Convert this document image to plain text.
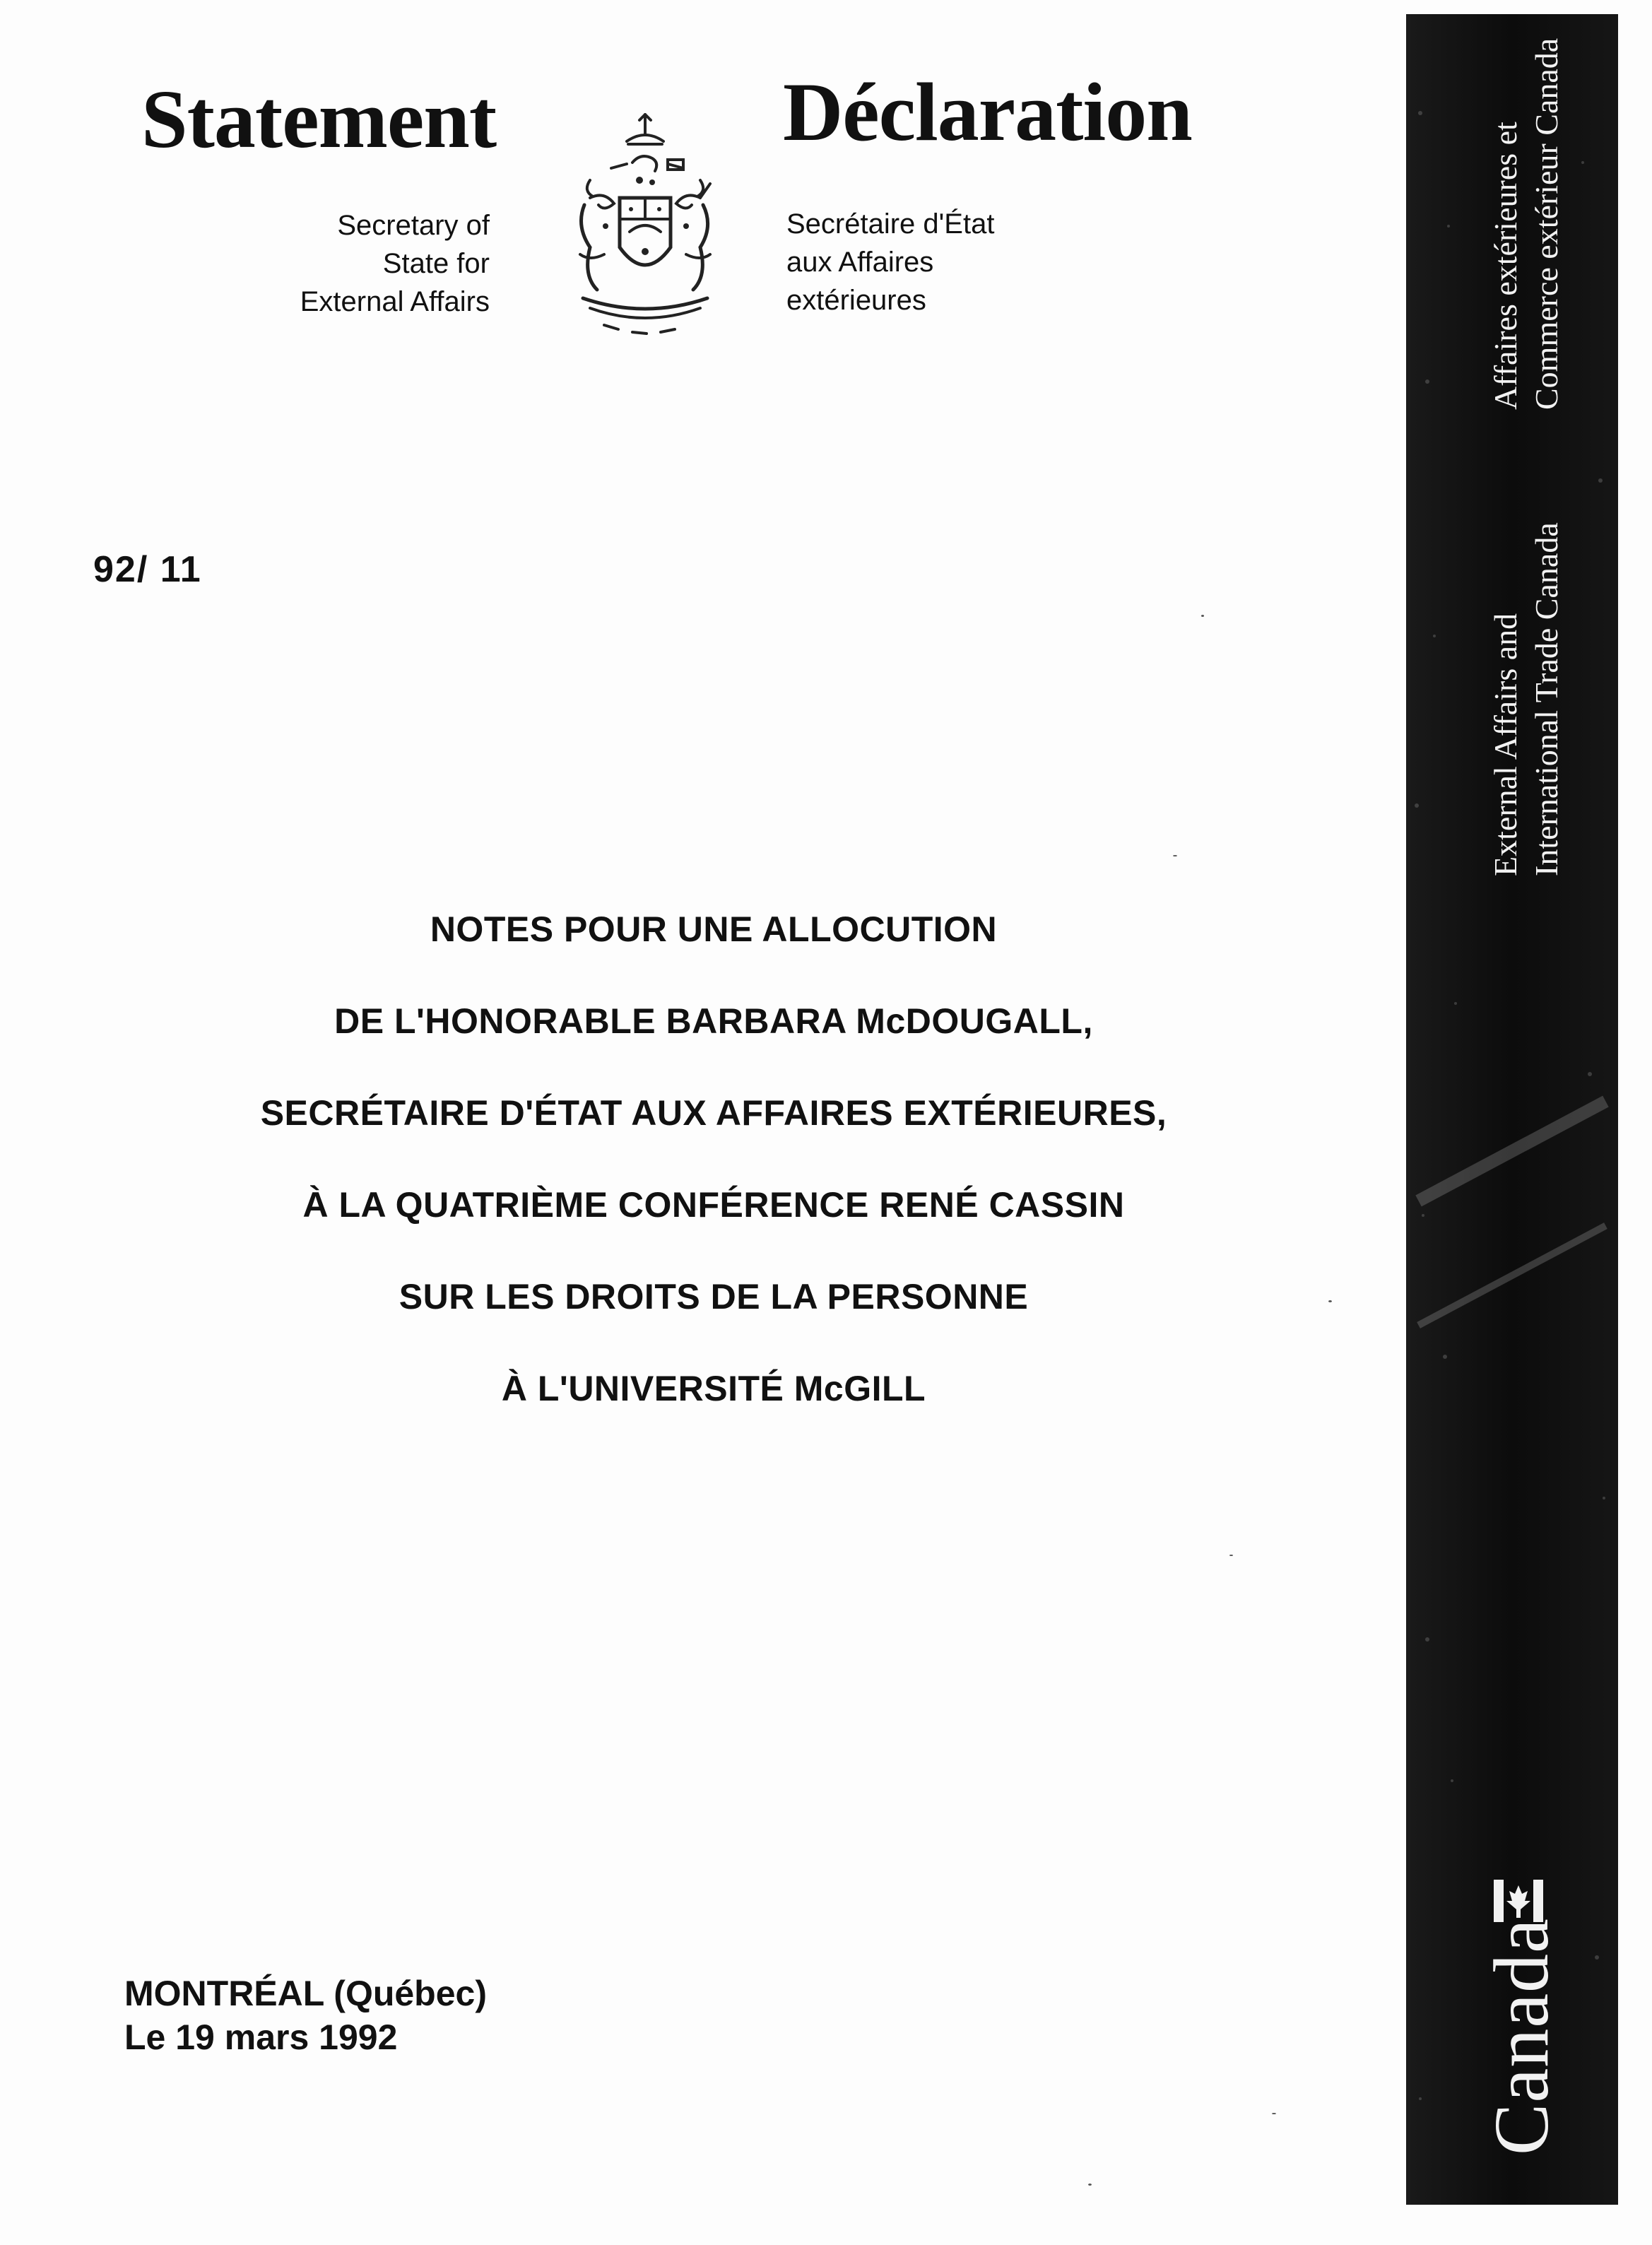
Statement	Déclaration
Secretary of
State for
External Affairs
Secrétaire d'État
aux Affaires
extérieures
92/ 11
NOTES POUR UNE ALLOCUTION
DE L'HONORABLE BARBARA McDOUGALL,
SECRÉTAIRE D'ÉTAT AUX AFFAIRES EXTÉRIEURES,
À LA QUATRIÈME CONFÉRENCE RENÉ CASSIN
SUR LES DROITS DE LA PERSONNE
À L'UNIVERSITÉ McGILL
MONTRÉAL (Québec)
Le 19 mars 1992
Affaires extérieures et Commerce extérieur Canada
External Affairs and International Trade Canada
Canada
